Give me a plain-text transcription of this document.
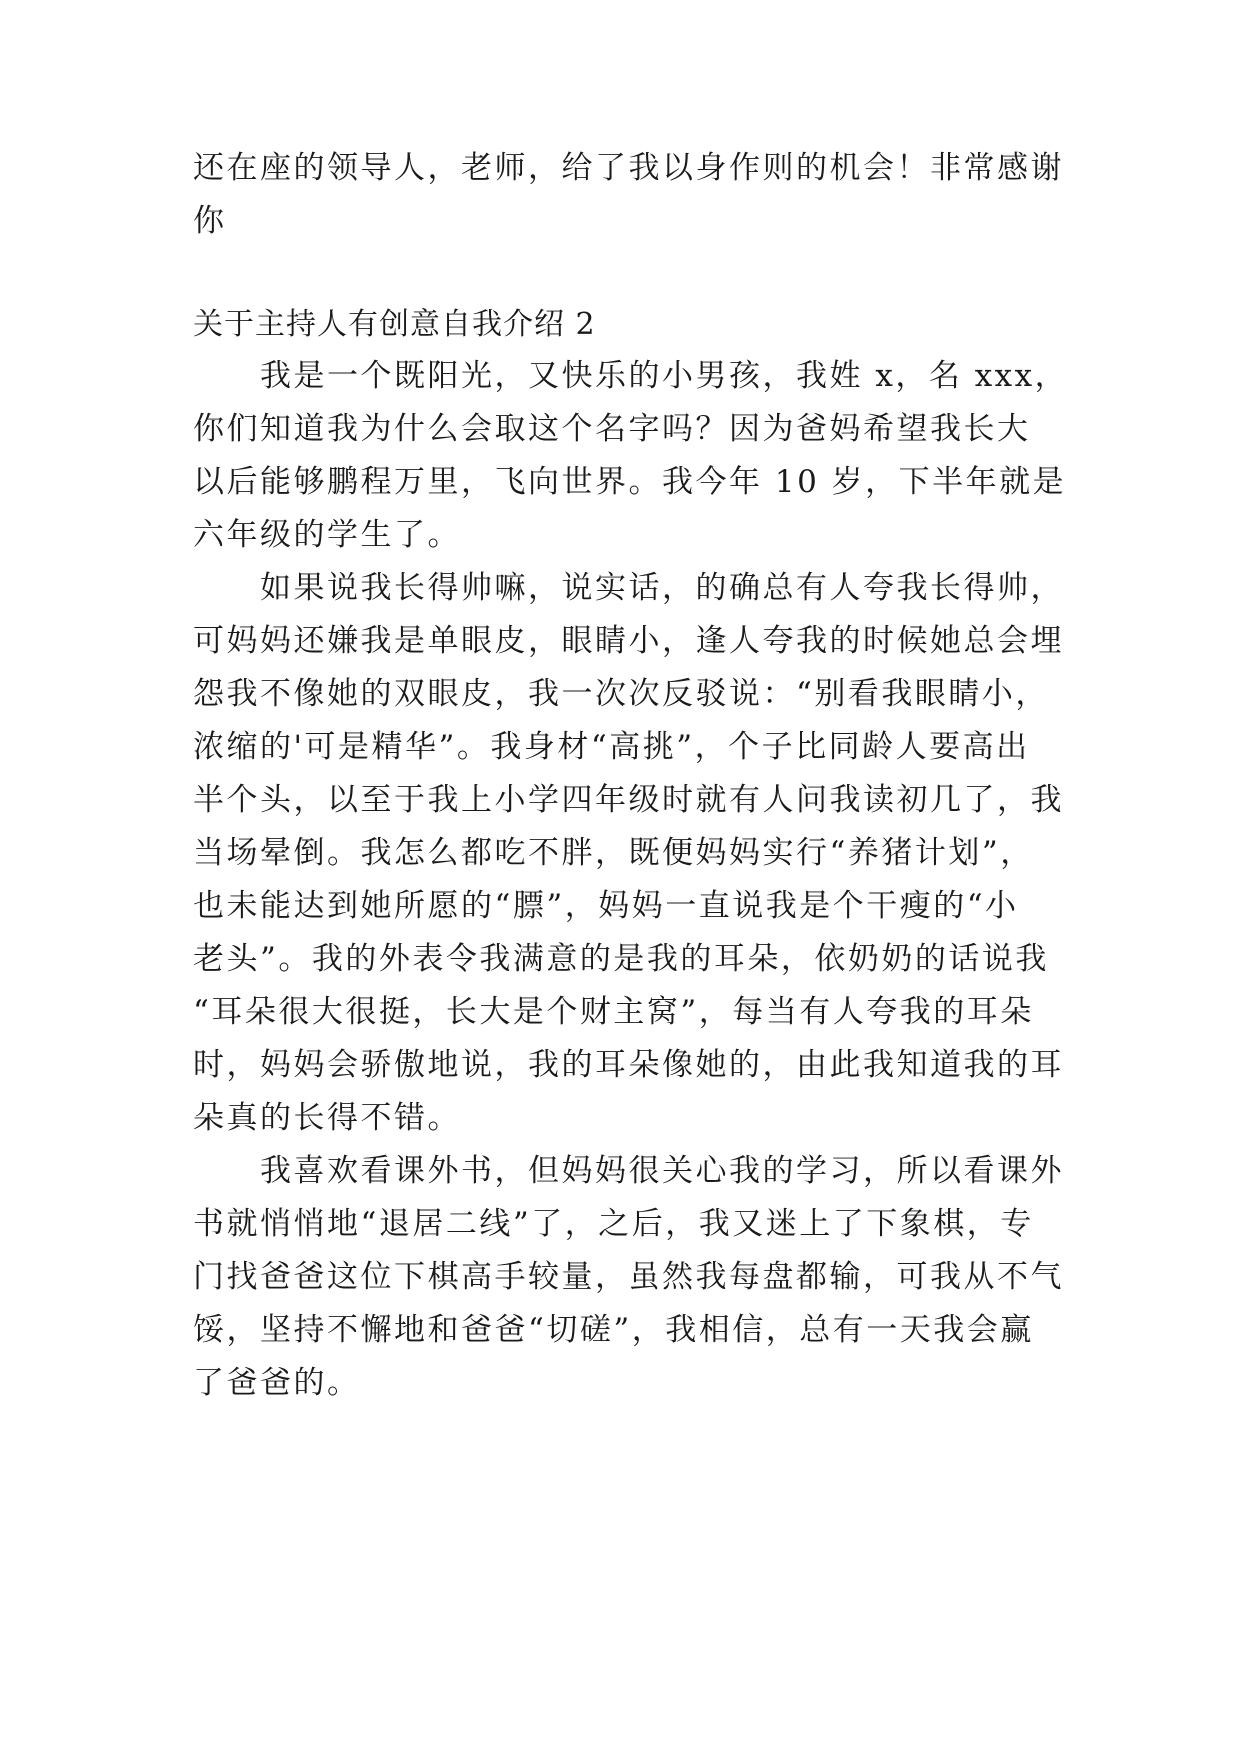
还在座的领导人，老师，给了我以身作则的机会！非常感谢
你
关于主持人有创意自我介绍 2
　　我是一个既阳光，又快乐的小男孩，我姓 x，名 xxx，
你们知道我为什么会取这个名字吗？因为爸妈希望我长大
以后能够鹏程万里，飞向世界。我今年 10 岁，下半年就是
六年级的学生了。
　　如果说我长得帅嘛，说实话，的确总有人夸我长得帅，
可妈妈还嫌我是单眼皮，眼睛小，逢人夸我的时候她总会埋
怨我不像她的双眼皮，我一次次反驳说：“别看我眼睛小，
浓缩的'可是精华”。我身材“高挑”，个子比同龄人要高出
半个头，以至于我上小学四年级时就有人问我读初几了，我
当场晕倒。我怎么都吃不胖，既便妈妈实行“养猪计划”，
也未能达到她所愿的“膘”，妈妈一直说我是个干瘦的“小
老头”。我的外表令我满意的是我的耳朵，依奶奶的话说我
“耳朵很大很挺，长大是个财主窝”，每当有人夸我的耳朵
时，妈妈会骄傲地说，我的耳朵像她的，由此我知道我的耳
朵真的长得不错。
　　我喜欢看课外书，但妈妈很关心我的学习，所以看课外
书就悄悄地“退居二线”了，之后，我又迷上了下象棋，专
门找爸爸这位下棋高手较量，虽然我每盘都输，可我从不气
馁，坚持不懈地和爸爸“切磋”，我相信，总有一天我会赢
了爸爸的。
